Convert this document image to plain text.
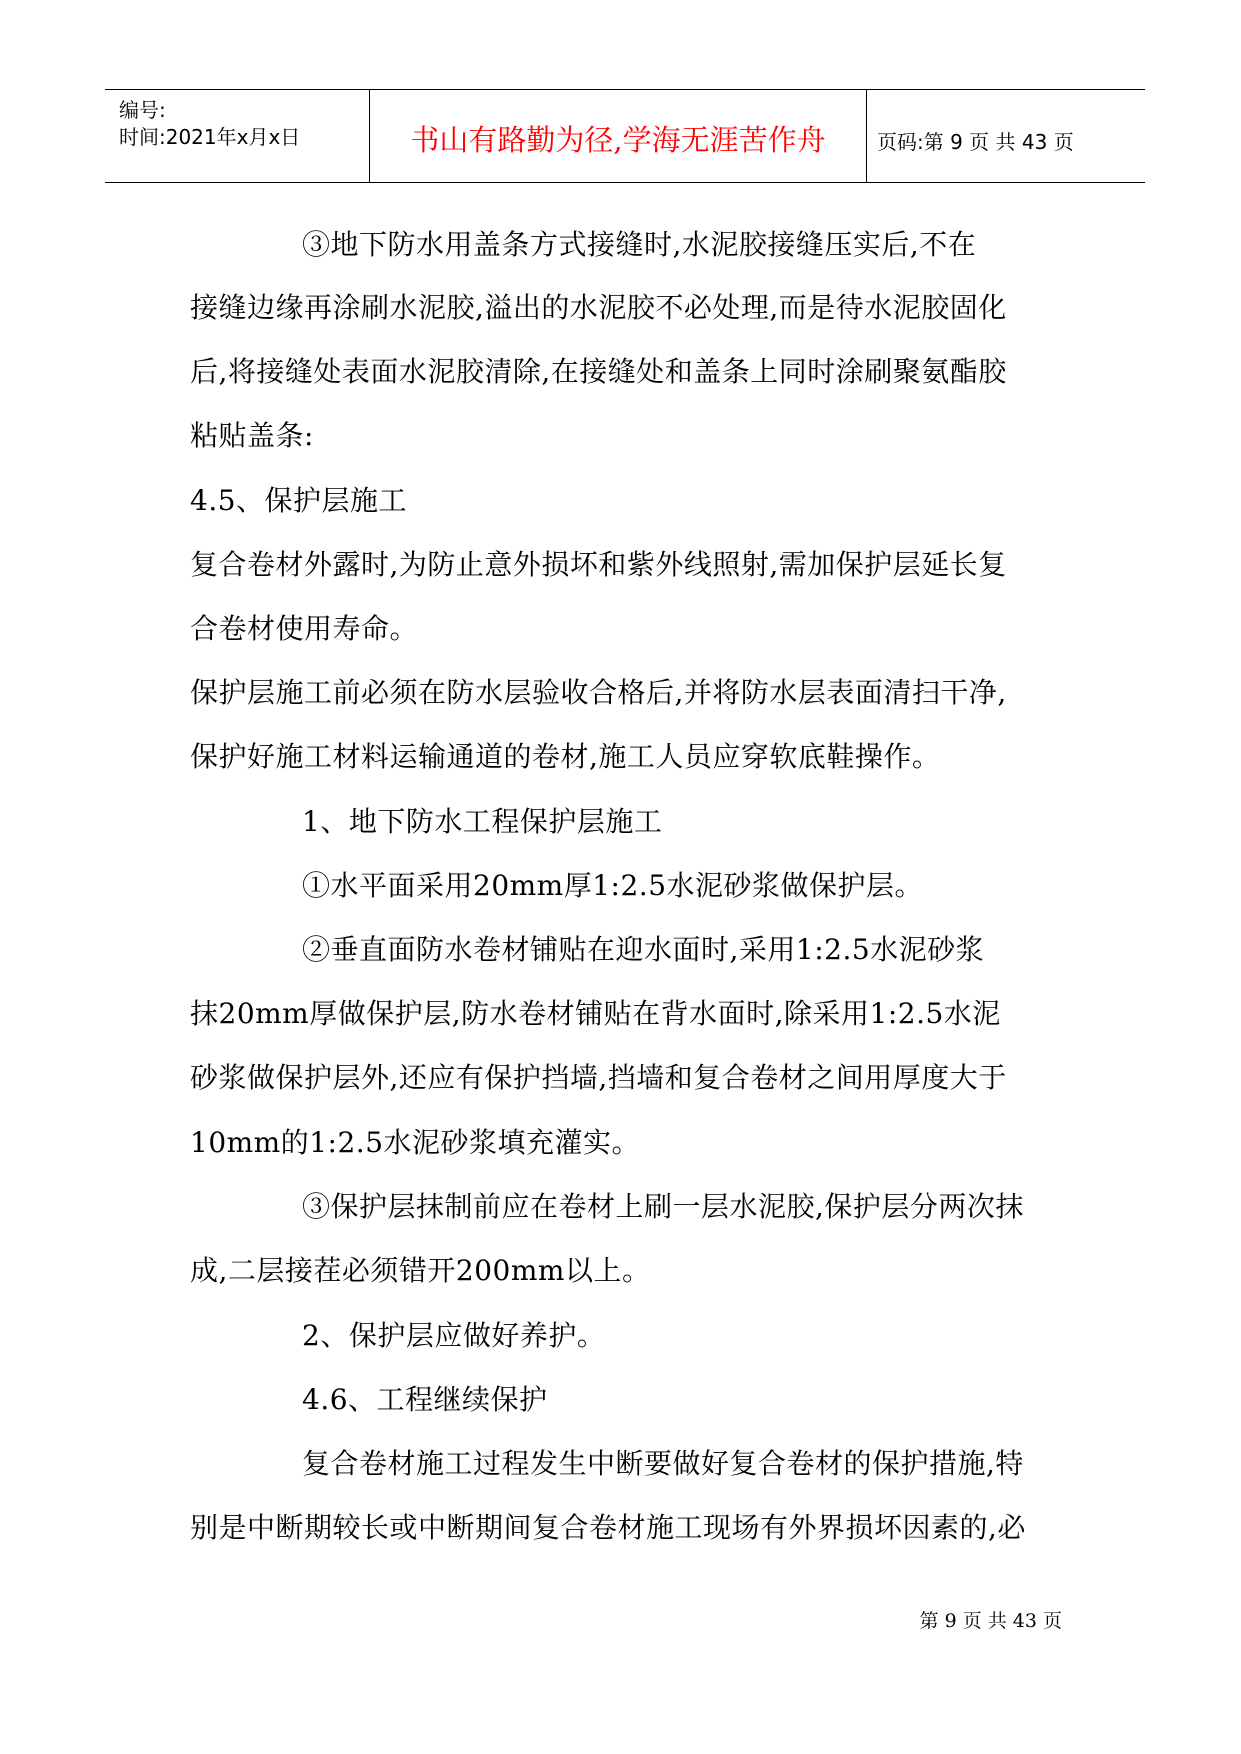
编号:
时间:2021年x月x日	书山有路勤为径,学海无涯苦作舟	页码:第 9 页 共 43 页
③地下防水用盖条方式接缝时,水泥胶接缝压实后,不在
接缝边缘再涂刷水泥胶,溢出的水泥胶不必处理,而是待水泥胶固化
后,将接缝处表面水泥胶清除,在接缝处和盖条上同时涂刷聚氨酯胶
粘贴盖条:
4.5、保护层施工
复合卷材外露时,为防止意外损坏和紫外线照射,需加保护层延长复
合卷材使用寿命。
保护层施工前必须在防水层验收合格后,并将防水层表面清扫干净,
保护好施工材料运输通道的卷材,施工人员应穿软底鞋操作。
1、地下防水工程保护层施工
①水平面采用20mm厚1:2.5水泥砂浆做保护层。
②垂直面防水卷材铺贴在迎水面时,采用1:2.5水泥砂浆
抹20mm厚做保护层,防水卷材铺贴在背水面时,除采用1:2.5水泥
砂浆做保护层外,还应有保护挡墙,挡墙和复合卷材之间用厚度大于
10mm的1:2.5水泥砂浆填充灌实。
③保护层抹制前应在卷材上刷一层水泥胶,保护层分两次抹
成,二层接茬必须错开200mm以上。
2、保护层应做好养护。
4.6、工程继续保护
复合卷材施工过程发生中断要做好复合卷材的保护措施,特
别是中断期较长或中断期间复合卷材施工现场有外界损坏因素的,必
第 9 页 共 43 页
